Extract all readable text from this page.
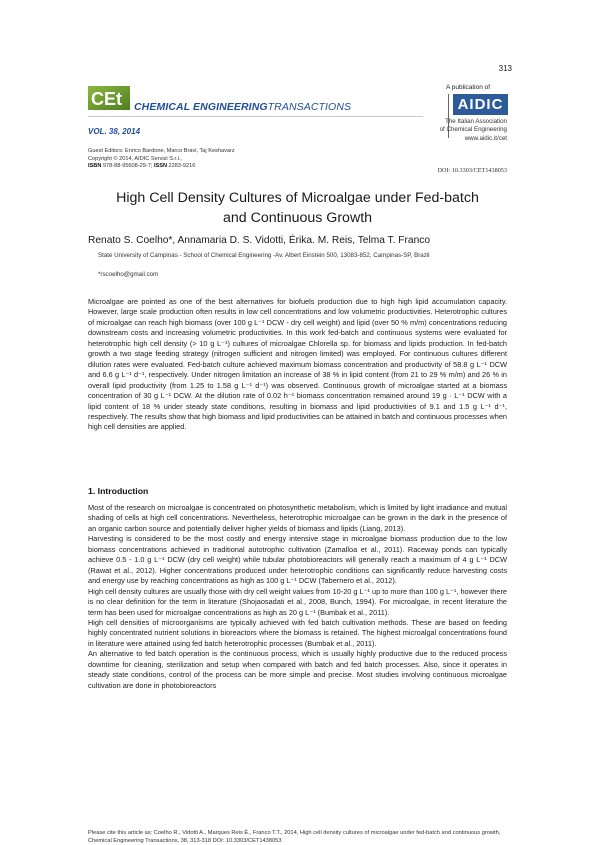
313
CEt CHEMICAL ENGINEERINGTRANSACTIONS
VOL. 38, 2014
Guest Editors: Enrico Bardone, Marco Bravi, Taj Keshavarz
Copyright © 2014, AIDIC Servizi S.r.l.,
ISBN 978-88-95608-29-7; ISSN 2283-9216
A publication of
AIDIC
The Italian Association
of Chemical Engineering
www.aidic.it/cet
DOI: 10.3303/CET1438053
High Cell Density Cultures of Microalgae under Fed-batch
and Continuous Growth
Renato S. Coelho*, Annamaria D. S. Vidotti, Érika. M. Reis, Telma T. Franco
State University of Campinas - School of Chemical Engineering -Av. Albert Einstein 500, 13083-852, Campinas-SP, Brazil
*rscoelho@gmail.com
Microalgae are pointed as one of the best alternatives for biofuels production due to high high lipid accumulation capacity. However, large scale production often results in low cell concentrations and low volumetric productivities. Heterotrophic cultures of microalgae can reach high biomass (over 100 g L⁻¹ DCW - dry cell weight) and lipid (over 50 % m/m) concentrations reducing downstream costs and increasing volumetric productivities. In this work fed-batch and continuous systems were evaluated for heterotrophic high cell density (> 10 g L⁻¹) cultures of microalgae Chlorella sp. for biomass and lipids production. In fed-batch growth a two stage feeding strategy (nitrogen sufficient and nitrogen limited) was employed. For continuous cultures different dilution rates were evaluated. Fed-batch culture achieved maximum biomass concentration and productivity of 58.8 g L⁻¹ DCW and 6.6 g L⁻¹ d⁻¹, respectively. Under nitrogen limitation an increase of 38 % in lipid content (from 21 to 29 % m/m) and 26 % in overall lipid productivity (from 1.25 to 1.58 g L⁻¹ d⁻¹) was observed. Continuous growth of microalgae started at a biomass concentration of 30 g L⁻¹ DCW. At the dilution rate of 0.02 h⁻¹ biomass concentration remained around 19 g · L⁻¹ DCW with a lipid content of 18 % under steady state conditions, resulting in biomass and lipid productivities of 9.1 and 1.5 g L⁻¹ d⁻¹, respectively. The results show that high biomass and lipid productivities can be attained in batch and continuous processes when high cell densities are applied.
1. Introduction

Most of the research on microalgae is concentrated on photosynthetic metabolism, which is limited by light irradiance and mutual shading of cells at high cell concentrations. Nevertheless, heterotrophic microalgae can be grown in the dark in the presence of an organic carbon source and potentially deliver higher yields of biomass and lipids (Liang, 2013).

Harvesting is considered to be the most costly and energy intensive stage in microalgae biomass production due to the low biomass concentrations achieved in traditional autotrophic cultivation (Zamalloa et al., 2011). Raceway ponds can typically achieve 0.5 - 1.0 g L⁻¹ DCW (dry cell weight) while tubular photobioreactors will generally reach a maximum of 4 g L⁻¹ DCW (Rawat et al., 2012). Higher concentrations produced under heterotrophic conditions can significantly reduce harvesting costs and energy use by reaching concentrations as high as 100 g L⁻¹ DCW (Tabernero et al., 2012).

High cell density cultures are usually those with dry cell weight values from 10-20 g L⁻¹ up to more than 100 g L⁻¹, however there is no clear definition for the term in literature (Shojaosadati et al., 2008, Bunch, 1994). For microalgae, in recent literature the term has been used for microalgae concentrations as high as 20 g L⁻¹ (Bumbak et al., 2011).

High cell densities of microorganisms are typically achieved with fed batch cultivation methods. These are based on feeding highly concentrated nutrient solutions in bioreactors where the biomass is retained. The highest microalgal concentrations found in literature were attained using fed batch heterotrophic processes (Bumbak et al., 2011).

An alternative to fed batch operation is the continuous process, which is usually highly productive due to the reduced process downtime for cleaning, sterilization and setup when compared with batch and fed batch processes. Also, since it operates in steady state conditions, control of the process can be more simple and precise. Most studies involving continuous microalgae cultivation are done in photobioreactors

Please cite this article as: Coelho R., Vidotti A., Marques Reis É., Franco T.T., 2014, High cell density cultures of microalgae under fed-batch and continuous growth, Chemical Engineering Transactions, 38, 313-318 DOI: 10.3303/CET1438053
